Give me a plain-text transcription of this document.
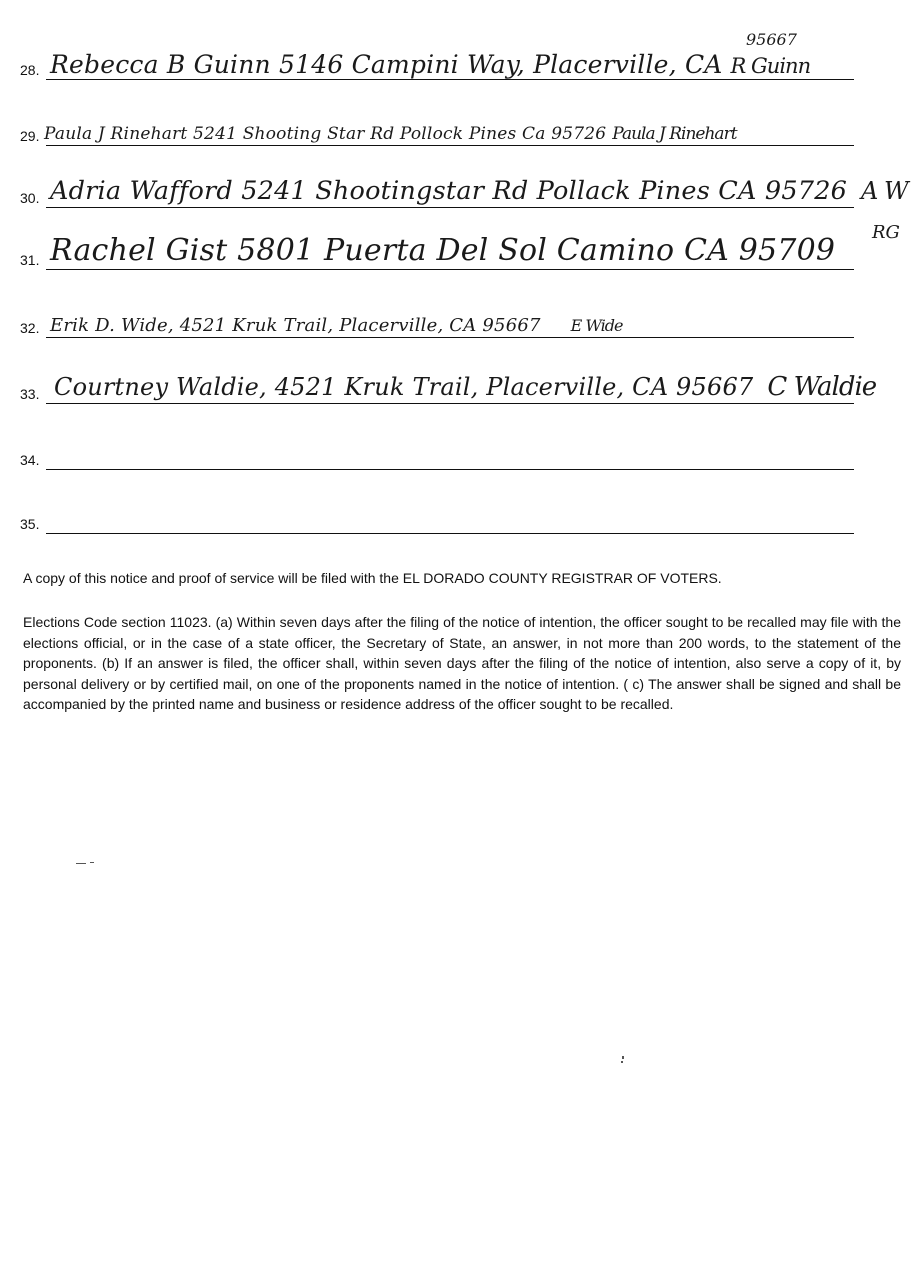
28. Rebecca B Guinn 5146 Campini Way, Placerville, CA R Guinn
95667
29. Paula J Rinehart 5241 Shooting Star Rd Pollock Pines Ca 95726 Paula J Rinehart
30. Adria Wafford 5241 Shootingstar Rd Pollack Pines CA 95726 A W
31. Rachel Gist 5801 Puerta Del Sol Camino CA 95709
RG
32. Erik D. Wide, 4521 Kruk Trail, Placerville, CA 95667 E Wide
33. Courtney Waldie, 4521 Kruk Trail, Placerville, CA 95667 C Waldie
34.
35.

A copy of this notice and proof of service will be filed with the EL DORADO COUNTY REGISTRAR OF VOTERS.

Elections Code section 11023. (a) Within seven days after the filing of the notice of intention, the officer sought to be recalled may file with the elections official, or in the case of a state officer, the Secretary of State, an answer, in not more than 200 words, to the statement of the proponents. (b) If an answer is filed, the officer shall, within seven days after the filing of the notice of intention, also serve a copy of it, by personal delivery or by certified mail, on one of the proponents named in the notice of intention. ( c) The answer shall be signed and shall be accompanied by the printed name and business or residence address of the officer sought to be recalled.
